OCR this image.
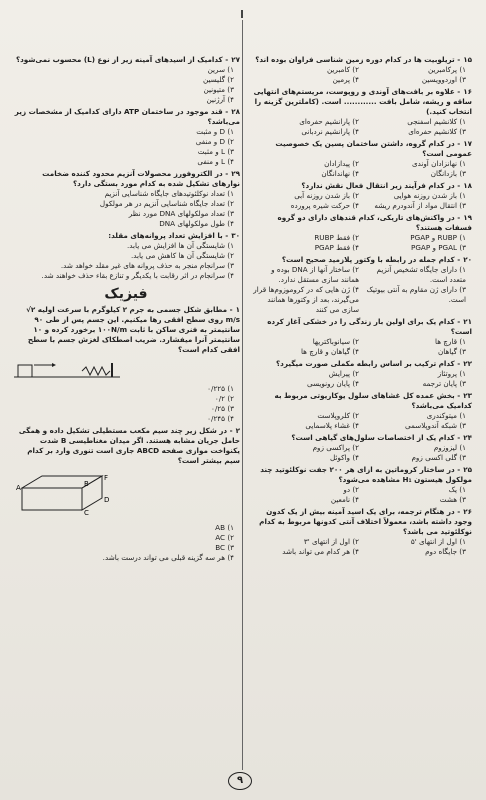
۱۵- تریلوبیت ها در کدام دوره زمین شناسی فراوان بوده اند؟
۱) پرکامبرین
۲) کامبرین
۳) اوردوویسین
۴) پرمین
۱۶- علاوه بر بافت‌های آوندی و روپوست، مریستم‌های انتهایی ساقه و ریشه، شامل بافت ............ است. (کاملترین گزینه را انتخاب کنید.)
۱) کلانشیم اسفنجی
۲) پارانشیم حفره‌ای
۳) کلانشیم حفره‌ای
۴) پارانشیم نردبانی
۱۷- در کدام گروه، داشتن ساختمان پسین یک خصوصیت عمومی است؟
۱) نهانزادان آوندی
۲) پیدازادان
۳) بازدانگان
۴) نهاندانگان
۱۸- در کدام فرآیند زیر انتقال فعال نقش ندارد؟
۱) باز شدن روزنه هوایی
۲) باز شدن روزنه آبی
۳) انتقال مواد از آندودرم ریشه
۴) حرکت شیره پرورده
۱۹- در واکنش‌های تاریکی، کدام قندهای دارای دو گروه فسفات هستند؟
۱) RUBP و PGAP
۲) فقط RUBP
۳) PGAL و PGAP
۴) فقط PGAP
۲۰- کدام جمله در رابطه با وکتور پلازمید صحیح است؟
۱) دارای جایگاه تشخیص آنزیم متعدد است.
۲) ساختار آنها از DNA بوده و همانند سازی مستقل ندارد.
۳) دارای ژن مقاوم به آنتی بیوتیک است.
۴) ژن هایی که در کروموزوم‌ها قرار می‌گیرند، بعد از وکتورها همانند سازی می کنند
۲۱- کدام یک برای اولین بار زندگی را در خشکی آغاز کرده است؟
۱) قارچ ها
۲) سیانوباکتریها
۳) گیاهان
۴) گیاهان و قارچ ها
۲۲- کدام ترکیب بر اساس رابطه مکملی صورت میگیرد؟
۱) پروتئاز
۲) پیرایش
۳) پایان ترجمه
۴) پایان رونویسی
۲۳- بخش عمده کل غشاهای سلول یوکاریوتی مربوط به کدامیک می‌باشد؟
۱) میتوکندری
۲) کلروپلاست
۳) شبکه آندوپلاسمی
۴) غشاء پلاسمایی
۲۴- کدام یک از اختصاصات سلول‌های گیاهی است؟
۱) لیزوزوم
۲) پراکسی زوم
۳) گلی اکسی زوم
۴) واکوئل
۲۵- در ساختار کروماتین به ازای هر ۲۰۰ جفت نوکلئوتید چند مولکول هیستون H₁ مشاهده می‌شود؟
۱) یک
۲) دو
۳) هشت
۴) نامعین
۲۶- در هنگام ترجمه، برای یک اسید آمینه بیش از یک کدون وجود داشته باشد، معمولاً اختلاف آنتی کدونها مربوط به کدام نوکلئوتید می باشد؟
۱) اول از انتهای '۵
۲) اول از انتهای '۳
۳) جایگاه دوم
۴) هر کدام می تواند باشد
۲۷- کدامیک از اسیدهای آمینه زیر از نوع (L) محسوب نمی‌شود؟
۱) سرین
۲) گلیسین
۳) متیونین
۴) آرژنین
۲۸- قند موجود در ساختمان ATP دارای کدامیک از مشخصات زیر می‌باشد؟
۱) D و مثبت
۲) D و منفی
۳) L و مثبت
۴) L و منفی
۲۹- در الکتروفورز محصولات آنزیم محدود کننده ضخامت نوارهای تشکیل شده به کدام مورد بستگی دارد؟
۱) تعداد نوکلئوتیدهای جایگاه شناسایی آنزیم
۲) تعداد جایگاه شناسایی آنزیم در هر مولکول
۳) تعداد مولکولهای DNA مورد نظر
۴) طول مولکولهای DNA
۳۰- با افزایش تعداد پروانه‌های مقلد:
۱) شایستگی آن ها افزایش می یابد.
۲) شایستگی آن ها کاهش می یابد.
۳) سرانجام منجر به حذف پروانه های غیر مقلد خواهد شد.
۴) سرانجام در اثر رقابت با یکدیگر و تنازع بقاء حذف خواهند شد.
فیزیک
۱- مطابق شکل جسمی به جرم ۲ کیلوگرم با سرعت اولیه ۲√ m/s روی سطح افقی رها میکنیم. این جسم پس از طی ۹۰ سانتیمتر به فنری ساکن با ثابت ۱۰۰N/m برخورد کرده و ۱۰ سانتیمتر آنرا میفشارد. ضریب اصطکاک لغزش جسم با سطح افقی کدام است؟
۱) ۰/۲۲۵
۲) ۰/۲
۳) ۰/۲۵
۴) ۰/۲۴۵
۲- در شکل زیر چند سیم مکعب مستطیلی تشکیل داده و همگی حامل جریان مشابه هستند. اگر میدان مغناطیسی B شدت یکنواخت موازی صفحه ABCD جاری است تنوری وارد بر کدام سیم بیشتر است؟
A	B
C
D
F
۱) AB
۲) AC
۳) BC
۴) هر سه گزینه قبلی می تواند درست باشد.
۹
